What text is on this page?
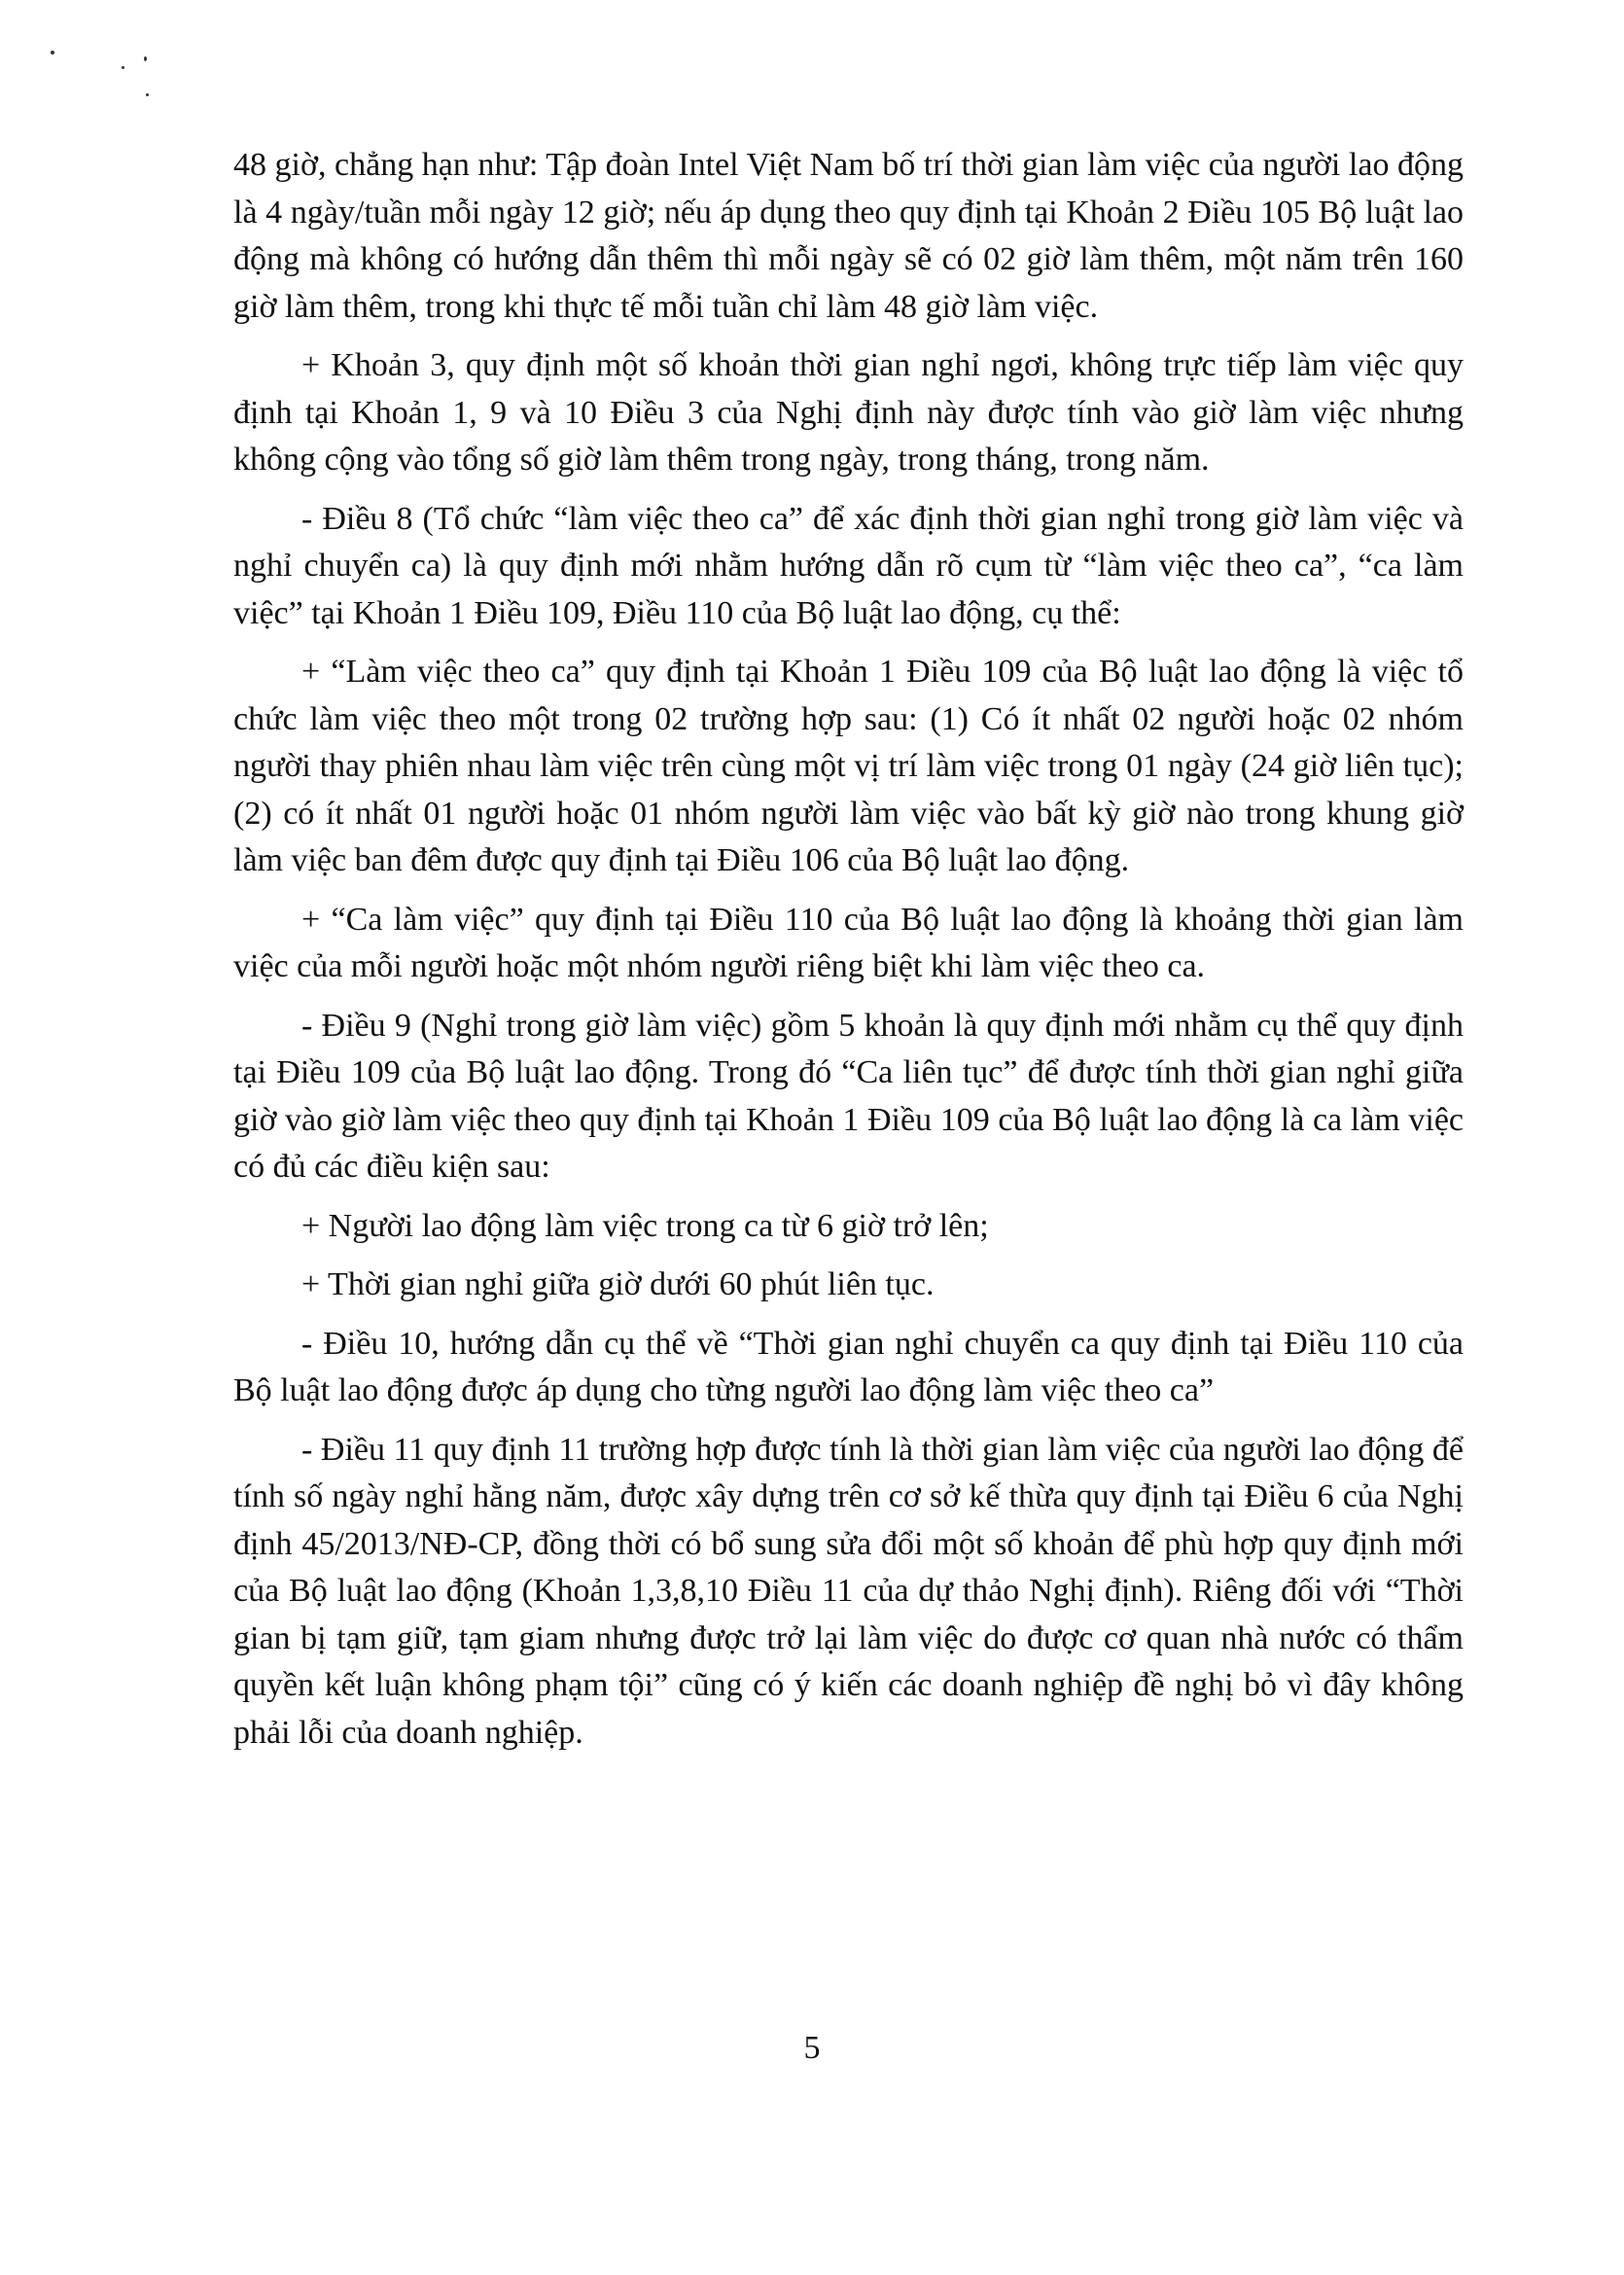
48 giờ, chẳng hạn như: Tập đoàn Intel Việt Nam bố trí thời gian làm việc của người lao động là 4 ngày/tuần mỗi ngày 12 giờ; nếu áp dụng theo quy định tại Khoản 2 Điều 105 Bộ luật lao động mà không có hướng dẫn thêm thì mỗi ngày sẽ có 02 giờ làm thêm, một năm trên 160 giờ làm thêm, trong khi thực tế mỗi tuần chỉ làm 48 giờ làm việc.

+ Khoản 3, quy định một số khoản thời gian nghỉ ngơi, không trực tiếp làm việc quy định tại Khoản 1, 9 và 10 Điều 3 của Nghị định này được tính vào giờ làm việc nhưng không cộng vào tổng số giờ làm thêm trong ngày, trong tháng, trong năm.

- Điều 8 (Tổ chức “làm việc theo ca” để xác định thời gian nghỉ trong giờ làm việc và nghỉ chuyển ca) là quy định mới nhằm hướng dẫn rõ cụm từ “làm việc theo ca”, “ca làm việc” tại Khoản 1 Điều 109, Điều 110 của Bộ luật lao động, cụ thể:

+ “Làm việc theo ca” quy định tại Khoản 1 Điều 109 của Bộ luật lao động là việc tổ chức làm việc theo một trong 02 trường hợp sau: (1) Có ít nhất 02 người hoặc 02 nhóm người thay phiên nhau làm việc trên cùng một vị trí làm việc trong 01 ngày (24 giờ liên tục); (2) có ít nhất 01 người hoặc 01 nhóm người làm việc vào bất kỳ giờ nào trong khung giờ làm việc ban đêm được quy định tại Điều 106 của Bộ luật lao động.

+ “Ca làm việc” quy định tại Điều 110 của Bộ luật lao động là khoảng thời gian làm việc của mỗi người hoặc một nhóm người riêng biệt khi làm việc theo ca.

- Điều 9 (Nghỉ trong giờ làm việc) gồm 5 khoản là quy định mới nhằm cụ thể quy định tại Điều 109 của Bộ luật lao động. Trong đó “Ca liên tục” để được tính thời gian nghỉ giữa giờ vào giờ làm việc theo quy định tại Khoản 1 Điều 109 của Bộ luật lao động là ca làm việc có đủ các điều kiện sau:

+ Người lao động làm việc trong ca từ 6 giờ trở lên;

+ Thời gian nghỉ giữa giờ dưới 60 phút liên tục.

- Điều 10, hướng dẫn cụ thể về “Thời gian nghỉ chuyển ca quy định tại Điều 110 của Bộ luật lao động được áp dụng cho từng người lao động làm việc theo ca”

- Điều 11 quy định 11 trường hợp được tính là thời gian làm việc của người lao động để tính số ngày nghỉ hằng năm, được xây dựng trên cơ sở kế thừa quy định tại Điều 6 của Nghị định 45/2013/NĐ-CP, đồng thời có bổ sung sửa đổi một số khoản để phù hợp quy định mới của Bộ luật lao động (Khoản 1,3,8,10 Điều 11 của dự thảo Nghị định). Riêng đối với “Thời gian bị tạm giữ, tạm giam nhưng được trở lại làm việc do được cơ quan nhà nước có thẩm quyền kết luận không phạm tội” cũng có ý kiến các doanh nghiệp đề nghị bỏ vì đây không phải lỗi của doanh nghiệp.

5
